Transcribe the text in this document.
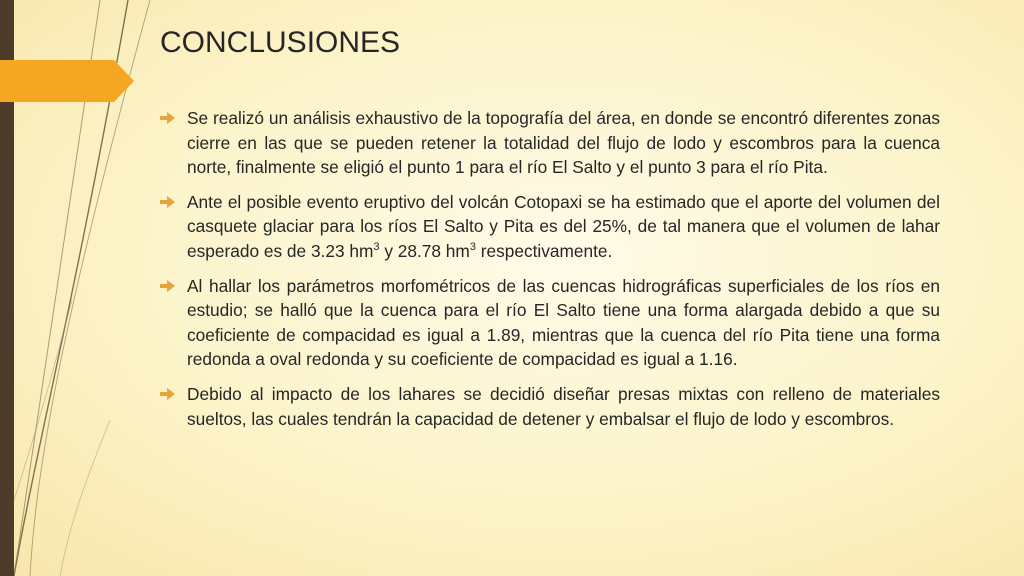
CONCLUSIONES

Se realizó un análisis exhaustivo de la topografía del área, en donde se encontró diferentes zonas cierre en las que se pueden retener la totalidad del flujo de lodo y escombros para la cuenca norte, finalmente se eligió el punto 1 para el río El Salto y el punto 3 para el río Pita.

Ante el posible evento eruptivo del volcán Cotopaxi se ha estimado que el aporte del volumen del casquete glaciar para los ríos El Salto y Pita es del 25%, de tal manera que el volumen de lahar esperado es de 3.23 $hm^3$ y 28.78 $hm^3$ respectivamente.

Al hallar los parámetros morfométricos de las cuencas hidrográficas superficiales de los ríos en estudio; se halló que la cuenca para el río El Salto tiene una forma alargada debido a que su coeficiente de compacidad es igual a 1.89, mientras que la cuenca del río Pita tiene una forma redonda a oval redonda y su coeficiente de compacidad es igual a 1.16.

Debido al impacto de los lahares se decidió diseñar presas mixtas con relleno de materiales sueltos, las cuales tendrán la capacidad de detener y embalsar el flujo de lodo y escombros.
